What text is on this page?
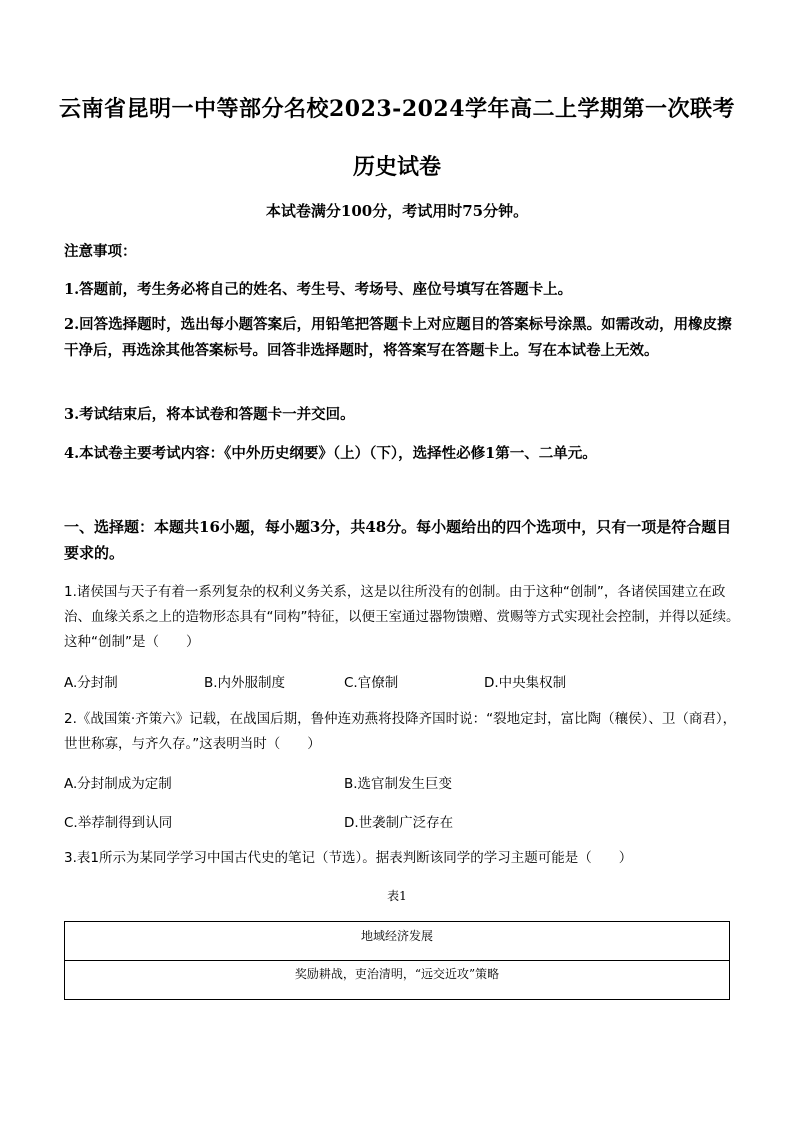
云南省昆明一中等部分名校2023-2024学年高二上学期第一次联考
历史试卷
本试卷满分100分，考试用时75分钟。
注意事项：
1.答题前，考生务必将自己的姓名、考生号、考场号、座位号填写在答题卡上。
2.回答选择题时，选出每小题答案后，用铅笔把答题卡上对应题目的答案标号涂黑。如需改动，用橡皮擦干净后，再选涂其他答案标号。回答非选择题时，将答案写在答题卡上。写在本试卷上无效。
3.考试结束后，将本试卷和答题卡一并交回。
4.本试卷主要考试内容：《中外历史纲要》（上）（下），选择性必修1第一、二单元。
一、选择题：本题共16小题，每小题3分，共48分。每小题给出的四个选项中，只有一项是符合题目要求的。
1.诸侯国与天子有着一系列复杂的权利义务关系，这是以往所没有的创制。由于这种“创制”，各诸侯国建立在政治、血缘关系之上的造物形态具有“同构”特征，以便王室通过器物馈赠、赏赐等方式实现社会控制，并得以延续。这种“创制”是（　　）
A.分封制	B.内外服制度	C.官僚制	D.中央集权制
2.《战国策·齐策六》记载，在战国后期，鲁仲连劝燕将投降齐国时说：“裂地定封，富比陶（穰侯）、卫（商君），世世称寡，与齐久存。”这表明当时（　　）
A.分封制成为定制	B.选官制发生巨变
C.举荐制得到认同	D.世袭制广泛存在
3.表1所示为某同学学习中国古代史的笔记（节选）。据表判断该同学的学习主题可能是（　　）
表1
地域经济发展
奖励耕战，吏治清明，“远交近攻”策略
